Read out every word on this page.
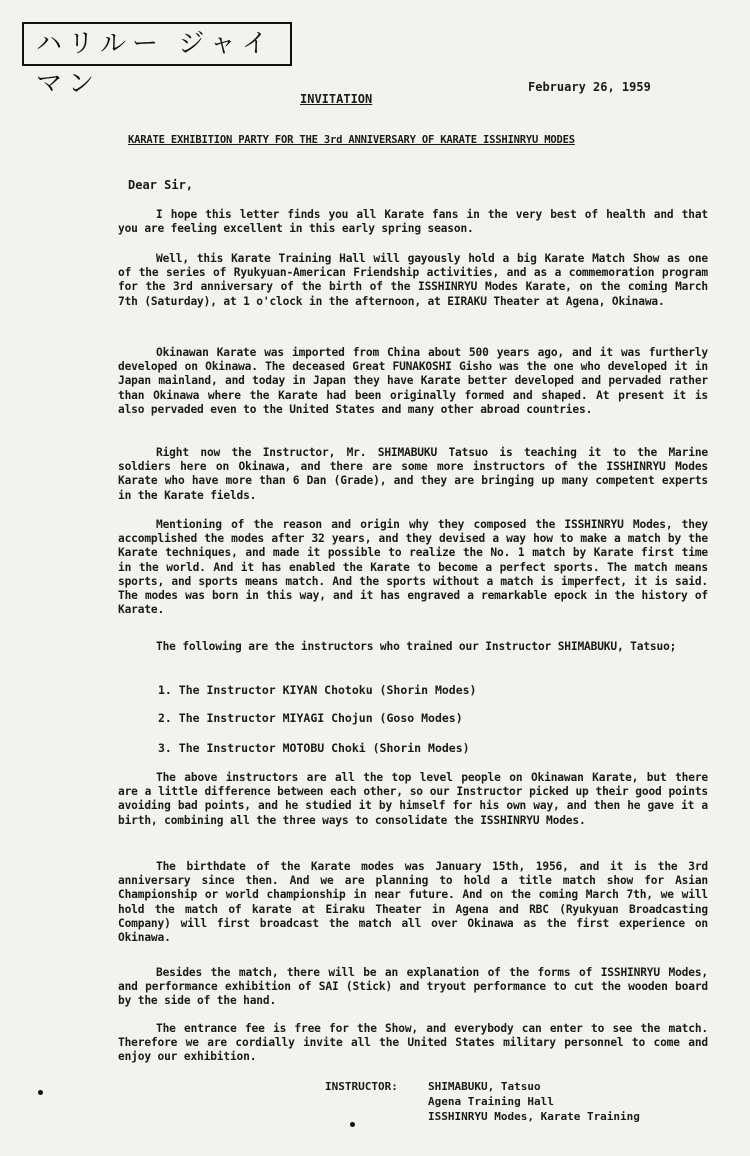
ハリルー ジャイマン	February 26, 1959
INVITATION
KARATE EXHIBITION PARTY FOR THE 3rd ANNIVERSARY OF KARATE ISSHINRYU MODES
Dear Sir,

I hope this letter finds you all Karate fans in the very best of health and that you are feeling excellent in this early spring season.

Well, this Karate Training Hall will gayously hold a big Karate Match Show as one of the series of Ryukyuan-American Friendship activities, and as a commemoration program for the 3rd anniversary of the birth of the ISSHINRYU Modes Karate, on the coming March 7th (Saturday), at 1 o'clock in the afternoon, at EIRAKU Theater at Agena, Okinawa.

Okinawan Karate was imported from China about 500 years ago, and it was furtherly developed on Okinawa. The deceased Great FUNAKOSHI Gisho was the one who developed it in Japan mainland, and today in Japan they have Karate better developed and pervaded rather than Okinawa where the Karate had been originally formed and shaped. At present it is also pervaded even to the United States and many other abroad countries.

Right now the Instructor, Mr. SHIMABUKU Tatsuo is teaching it to the Marine soldiers here on Okinawa, and there are some more instructors of the ISSHINRYU Modes Karate who have more than 6 Dan (Grade), and they are bringing up many competent experts in the Karate fields.

Mentioning of the reason and origin why they composed the ISSHINRYU Modes, they accomplished the modes after 32 years, and they devised a way how to make a match by the Karate techniques, and made it possible to realize the No. 1 match by Karate first time in the world. And it has enabled the Karate to become a perfect sports. The match means sports, and sports means match. And the sports without a match is imperfect, it is said. The modes was born in this way, and it has engraved a remarkable epock in the history of Karate.

The following are the instructors who trained our Instructor SHIMABUKU, Tatsuo;

1. The Instructor KIYAN Chotoku (Shorin Modes)
2. The Instructor MIYAGI Chojun (Goso Modes)
3. The Instructor MOTOBU Choki (Shorin Modes)

The above instructors are all the top level people on Okinawan Karate, but there are a little difference between each other, so our Instructor picked up their good points avoiding bad points, and he studied it by himself for his own way, and then he gave it a birth, combining all the three ways to consolidate the ISSHINRYU Modes.

The birthdate of the Karate modes was January 15th, 1956, and it is the 3rd anniversary since then. And we are planning to hold a title match show for Asian Championship or world championship in near future. And on the coming March 7th, we will hold the match of karate at Eiraku Theater in Agena and RBC (Ryukyuan Broadcasting Company) will first broadcast the match all over Okinawa as the first experience on Okinawa.

Besides the match, there will be an explanation of the forms of ISSHINRYU Modes, and performance exhibition of SAI (Stick) and tryout performance to cut the wooden board by the side of the hand.

The entrance fee is free for the Show, and everybody can enter to see the match. Therefore we are cordially invite all the United States military personnel to come and enjoy our exhibition.

INSTRUCTOR:	SHIMABUKU, Tatsuo
Agena Training Hall
ISSHINRYU Modes, Karate Training
